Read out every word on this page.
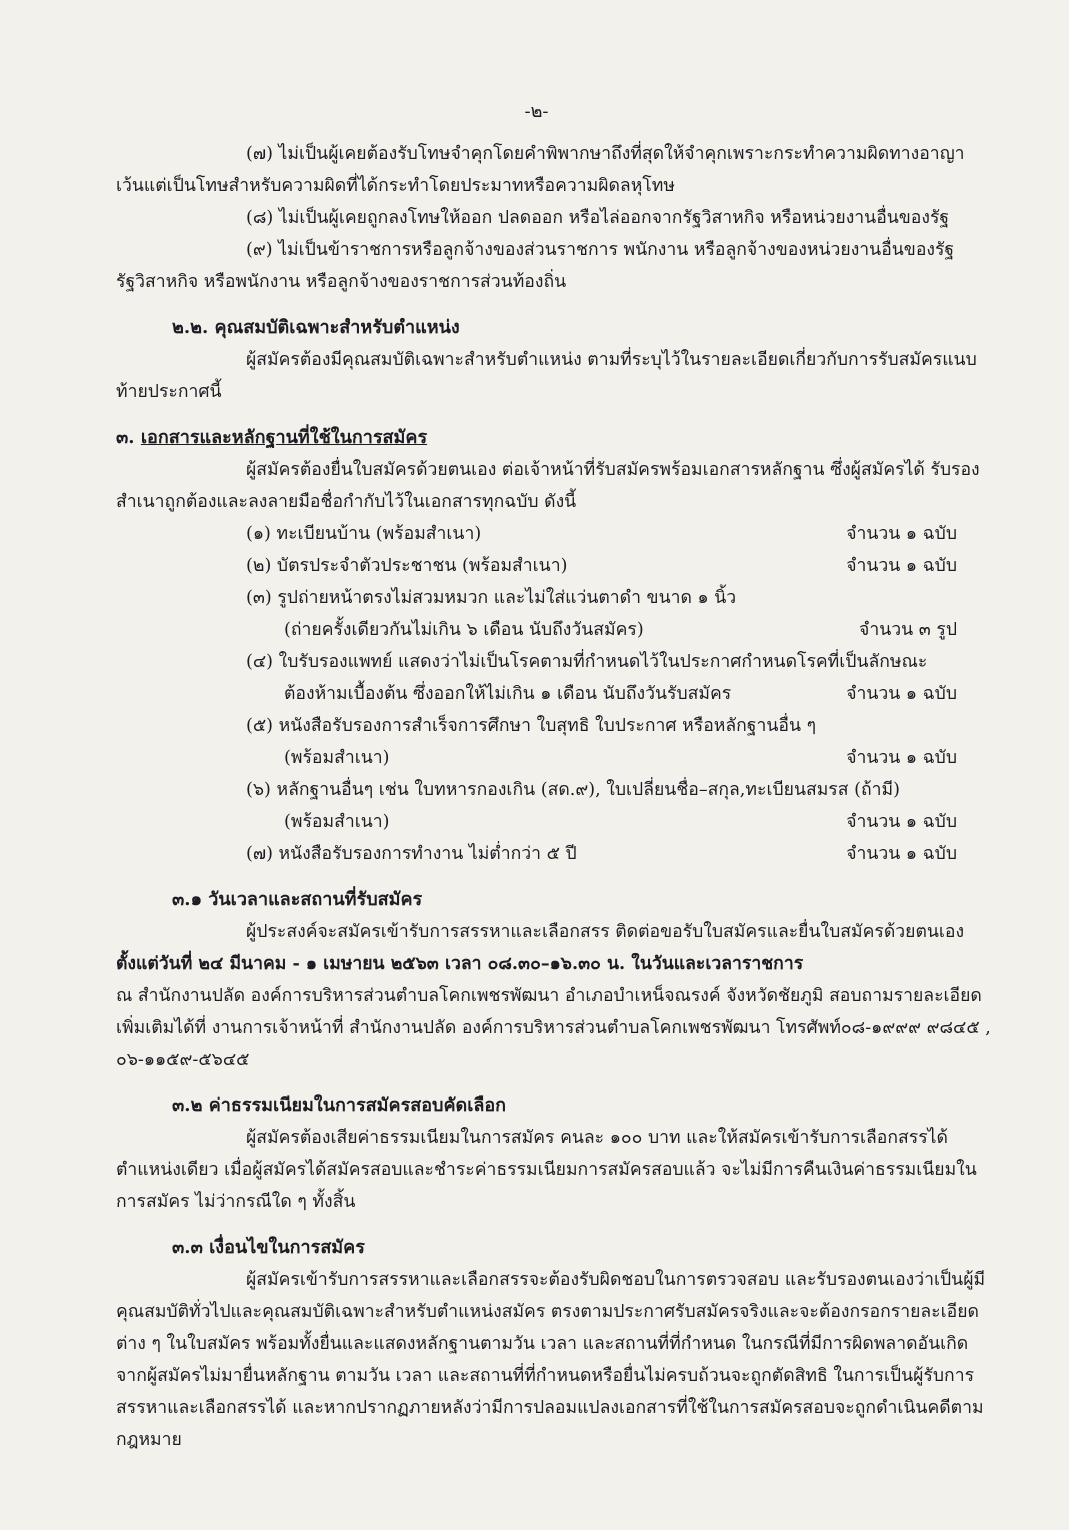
-๒-

(๗) ไม่เป็นผู้เคยต้องรับโทษจำคุกโดยคำพิพากษาถึงที่สุดให้จำคุกเพราะกระทำความผิดทางอาญา

เว้นแต่เป็นโทษสำหรับความผิดที่ได้กระทำโดยประมาทหรือความผิดลหุโทษ

(๘) ไม่เป็นผู้เคยถูกลงโทษให้ออก ปลดออก หรือไล่ออกจากรัฐวิสาหกิจ หรือหน่วยงานอื่นของรัฐ

(๙) ไม่เป็นข้าราชการหรือลูกจ้างของส่วนราชการ พนักงาน หรือลูกจ้างของหน่วยงานอื่นของรัฐ

รัฐวิสาหกิจ หรือพนักงาน หรือลูกจ้างของราชการส่วนท้องถิ่น

๒.๒. คุณสมบัติเฉพาะสำหรับตำแหน่ง

ผู้สมัครต้องมีคุณสมบัติเฉพาะสำหรับตำแหน่ง ตามที่ระบุไว้ในรายละเอียดเกี่ยวกับการรับสมัครแนบ

ท้ายประกาศนี้

๓. เอกสารและหลักฐานที่ใช้ในการสมัคร

ผู้สมัครต้องยื่นใบสมัครด้วยตนเอง ต่อเจ้าหน้าที่รับสมัครพร้อมเอกสารหลักฐาน ซึ่งผู้สมัครได้ รับรอง

สำเนาถูกต้องและลงลายมือชื่อกำกับไว้ในเอกสารทุกฉบับ ดังนี้

(๑) ทะเบียนบ้าน (พร้อมสำเนา)	จำนวน ๑ ฉบับ
(๒) บัตรประจำตัวประชาชน (พร้อมสำเนา)	จำนวน ๑ ฉบับ
(๓) รูปถ่ายหน้าตรงไม่สวมหมวก และไม่ใส่แว่นตาดำ ขนาด ๑ นิ้ว
(ถ่ายครั้งเดียวกันไม่เกิน ๖ เดือน นับถึงวันสมัคร)	จำนวน ๓ รูป
(๔) ใบรับรองแพทย์ แสดงว่าไม่เป็นโรคตามที่กำหนดไว้ในประกาศกำหนดโรคที่เป็นลักษณะ
ต้องห้ามเบื้องต้น ซึ่งออกให้ไม่เกิน ๑ เดือน นับถึงวันรับสมัคร	จำนวน ๑ ฉบับ
(๕) หนังสือรับรองการสำเร็จการศึกษา ใบสุทธิ ใบประกาศ หรือหลักฐานอื่น ๆ
(พร้อมสำเนา)	จำนวน ๑ ฉบับ
(๖) หลักฐานอื่นๆ เช่น ใบทหารกองเกิน (สด.๙), ใบเปลี่ยนชื่อ–สกุล,ทะเบียนสมรส (ถ้ามี)
(พร้อมสำเนา)	จำนวน ๑ ฉบับ
(๗) หนังสือรับรองการทำงาน ไม่ต่ำกว่า ๕ ปี	จำนวน ๑ ฉบับ

๓.๑ วันเวลาและสถานที่รับสมัคร

ผู้ประสงค์จะสมัครเข้ารับการสรรหาและเลือกสรร ติดต่อขอรับใบสมัครและยื่นใบสมัครด้วยตนเอง

ตั้งแต่วันที่ ๒๔ มีนาคม - ๑ เมษายน ๒๕๖๓ เวลา ๐๘.๓๐–๑๖.๓๐ น. ในวันและเวลาราชการ

ณ สำนักงานปลัด องค์การบริหารส่วนตำบลโคกเพชรพัฒนา อำเภอบำเหน็จณรงค์ จังหวัดชัยภูมิ สอบถามรายละเอียด

เพิ่มเติมได้ที่ งานการเจ้าหน้าที่ สำนักงานปลัด องค์การบริหารส่วนตำบลโคกเพชรพัฒนา โทรศัพท์๐๘-๑๙๙๙ ๙๘๔๕ ,

๐๖-๑๑๕๙-๕๖๔๕

๓.๒ ค่าธรรมเนียมในการสมัครสอบคัดเลือก

ผู้สมัครต้องเสียค่าธรรมเนียมในการสมัคร คนละ ๑๐๐ บาท และให้สมัครเข้ารับการเลือกสรรได้

ตำแหน่งเดียว เมื่อผู้สมัครได้สมัครสอบและชำระค่าธรรมเนียมการสมัครสอบแล้ว จะไม่มีการคืนเงินค่าธรรมเนียมใน

การสมัคร ไม่ว่ากรณีใด ๆ ทั้งสิ้น

๓.๓ เงื่อนไขในการสมัคร

ผู้สมัครเข้ารับการสรรหาและเลือกสรรจะต้องรับผิดชอบในการตรวจสอบ และรับรองตนเองว่าเป็นผู้มี

คุณสมบัติทั่วไปและคุณสมบัติเฉพาะสำหรับตำแหน่งสมัคร ตรงตามประกาศรับสมัครจริงและจะต้องกรอกรายละเอียด

ต่าง ๆ ในใบสมัคร พร้อมทั้งยื่นและแสดงหลักฐานตามวัน เวลา และสถานที่ที่กำหนด ในกรณีที่มีการผิดพลาดอันเกิด

จากผู้สมัครไม่มายื่นหลักฐาน ตามวัน เวลา และสถานที่ที่กำหนดหรือยื่นไม่ครบถ้วนจะถูกตัดสิทธิ ในการเป็นผู้รับการ

สรรหาและเลือกสรรได้ และหากปรากฏภายหลังว่ามีการปลอมแปลงเอกสารที่ใช้ในการสมัครสอบจะถูกดำเนินคดีตาม

กฎหมาย
